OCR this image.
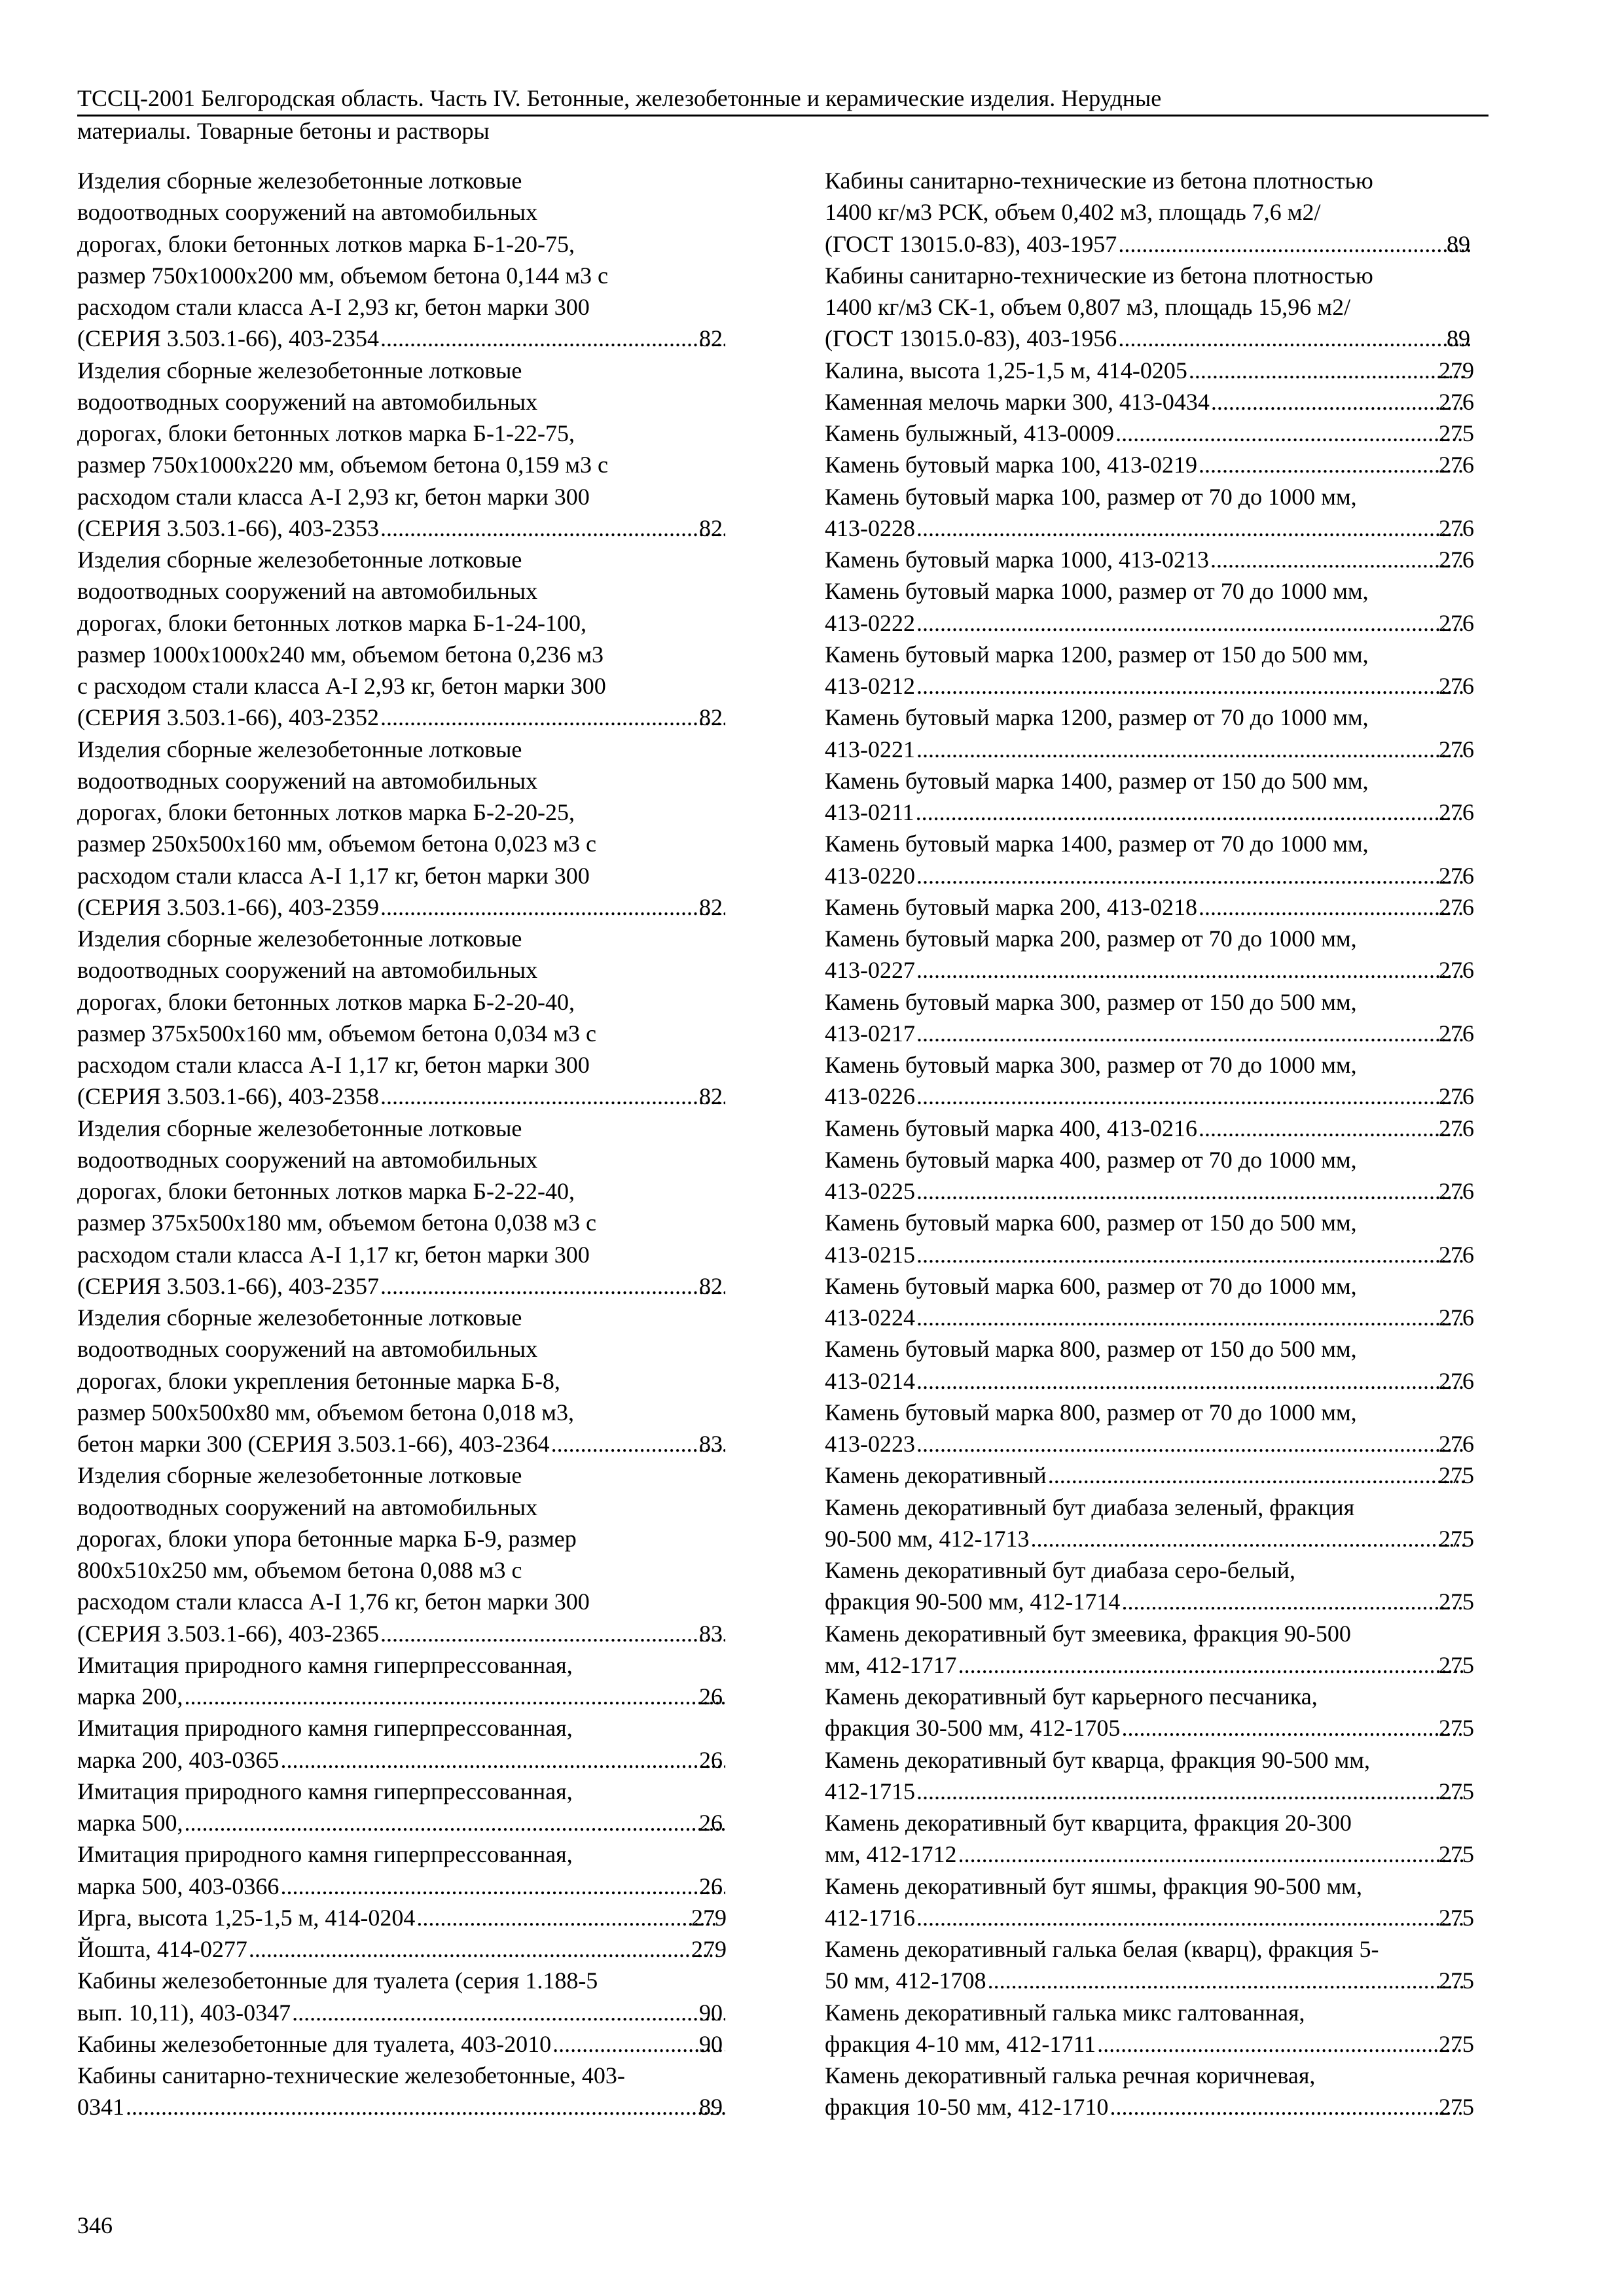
ТССЦ-2001 Белгородская область. Часть IV. Бетонные, железобетонные и керамические изделия. Нерудные
материалы. Товарные бетоны и растворы
Изделия сборные железобетонные лотковые
водоотводных сооружений на автомобильных
дорогах, блоки бетонных лотков марка Б-1-20-75,
размер 750х1000х200 мм, объемом бетона 0,144 м3 с
расходом стали класса А-I 2,93 кг, бетон марки 300
(СЕРИЯ 3.503.1-66), 403-2354 .....	82
Изделия сборные железобетонные лотковые
водоотводных сооружений на автомобильных
дорогах, блоки бетонных лотков марка Б-1-22-75,
размер 750х1000х220 мм, объемом бетона 0,159 м3 с
расходом стали класса А-I 2,93 кг, бетон марки 300
(СЕРИЯ 3.503.1-66), 403-2353 .....	82
Изделия сборные железобетонные лотковые
водоотводных сооружений на автомобильных
дорогах, блоки бетонных лотков марка Б-1-24-100,
размер 1000х1000х240 мм, объемом бетона 0,236 м3
с расходом стали класса А-I 2,93 кг, бетон марки 300
(СЕРИЯ 3.503.1-66), 403-2352 .....	82
Изделия сборные железобетонные лотковые
водоотводных сооружений на автомобильных
дорогах, блоки бетонных лотков марка Б-2-20-25,
размер 250х500х160 мм, объемом бетона 0,023 м3 с
расходом стали класса А-I 1,17 кг, бетон марки 300
(СЕРИЯ 3.503.1-66), 403-2359 .....	82
Изделия сборные железобетонные лотковые
водоотводных сооружений на автомобильных
дорогах, блоки бетонных лотков марка Б-2-20-40,
размер 375х500х160 мм, объемом бетона 0,034 м3 с
расходом стали класса А-I 1,17 кг, бетон марки 300
(СЕРИЯ 3.503.1-66), 403-2358 .....	82
Изделия сборные железобетонные лотковые
водоотводных сооружений на автомобильных
дорогах, блоки бетонных лотков марка Б-2-22-40,
размер 375х500х180 мм, объемом бетона 0,038 м3 с
расходом стали класса А-I 1,17 кг, бетон марки 300
(СЕРИЯ 3.503.1-66), 403-2357 .....	82
Изделия сборные железобетонные лотковые
водоотводных сооружений на автомобильных
дорогах, блоки укрепления бетонные марка Б-8,
размер 500х500х80 мм, объемом бетона 0,018 м3,
бетон марки 300 (СЕРИЯ 3.503.1-66), 403-2364 .....	83
Изделия сборные железобетонные лотковые
водоотводных сооружений на автомобильных
дорогах, блоки упора бетонные марка Б-9, размер
800х510х250 мм, объемом бетона 0,088 м3 с
расходом стали класса А-I 1,76 кг, бетон марки 300
(СЕРИЯ 3.503.1-66), 403-2365 .....	83
Имитация природного камня гиперпрессованная,
марка 200, .....	26
Имитация природного камня гиперпрессованная,
марка 200, 403-0365 .....	26
Имитация природного камня гиперпрессованная,
марка 500, .....	26
Имитация природного камня гиперпрессованная,
марка 500, 403-0366 .....	26
Ирга, высота 1,25-1,5 м, 414-0204 .....	279
Йошта, 414-0277 .....	279
Кабины железобетонные для туалета (серия 1.188-5
вып. 10,11), 403-0347 .....	90
Кабины железобетонные для туалета, 403-2010 .....	90
Кабины санитарно-технические железобетонные, 403-
0341 .....	89
Кабины санитарно-технические из бетона плотностью
1400 кг/м3 РСК, объем 0,402 м3, площадь 7,6 м2/
(ГОСТ 13015.0-83), 403-1957 .....	89
Кабины санитарно-технические из бетона плотностью
1400 кг/м3 СК-1, объем 0,807 м3, площадь 15,96 м2/
(ГОСТ 13015.0-83), 403-1956 .....	89
Калина, высота 1,25-1,5 м, 414-0205 .....	279
Каменная мелочь марки 300, 413-0434 .....	276
Камень булыжный, 413-0009 .....	275
Камень бутовый марка 100, 413-0219 .....	276
Камень бутовый марка 100, размер от 70 до 1000 мм,
413-0228 .....	276
Камень бутовый марка 1000, 413-0213 .....	276
Камень бутовый марка 1000, размер от 70 до 1000 мм,
413-0222 .....	276
Камень бутовый марка 1200, размер от 150 до 500 мм,
413-0212 .....	276
Камень бутовый марка 1200, размер от 70 до 1000 мм,
413-0221 .....	276
Камень бутовый марка 1400, размер от 150 до 500 мм,
413-0211 .....	276
Камень бутовый марка 1400, размер от 70 до 1000 мм,
413-0220 .....	276
Камень бутовый марка 200, 413-0218 .....	276
Камень бутовый марка 200, размер от 70 до 1000 мм,
413-0227 .....	276
Камень бутовый марка 300, размер от 150 до 500 мм,
413-0217 .....	276
Камень бутовый марка 300, размер от 70 до 1000 мм,
413-0226 .....	276
Камень бутовый марка 400, 413-0216 .....	276
Камень бутовый марка 400, размер от 70 до 1000 мм,
413-0225 .....	276
Камень бутовый марка 600, размер от 150 до 500 мм,
413-0215 .....	276
Камень бутовый марка 600, размер от 70 до 1000 мм,
413-0224 .....	276
Камень бутовый марка 800, размер от 150 до 500 мм,
413-0214 .....	276
Камень бутовый марка 800, размер от 70 до 1000 мм,
413-0223 .....	276
Камень декоративный .....	275
Камень декоративный бут диабаза зеленый, фракция
90-500 мм, 412-1713 .....	275
Камень декоративный бут диабаза серо-белый,
фракция 90-500 мм, 412-1714 .....	275
Камень декоративный бут змеевика, фракция 90-500
мм, 412-1717 .....	275
Камень декоративный бут карьерного песчаника,
фракция 30-500 мм, 412-1705 .....	275
Камень декоративный бут кварца, фракция 90-500 мм,
412-1715 .....	275
Камень декоративный бут кварцита, фракция 20-300
мм, 412-1712 .....	275
Камень декоративный бут яшмы, фракция 90-500 мм,
412-1716 .....	275
Камень декоративный галька белая (кварц), фракция 5-
50 мм, 412-1708 .....	275
Камень декоративный галька микс галтованная,
фракция 4-10 мм, 412-1711 .....	275
Камень декоративный галька речная коричневая,
фракция 10-50 мм, 412-1710 .....	275
346
